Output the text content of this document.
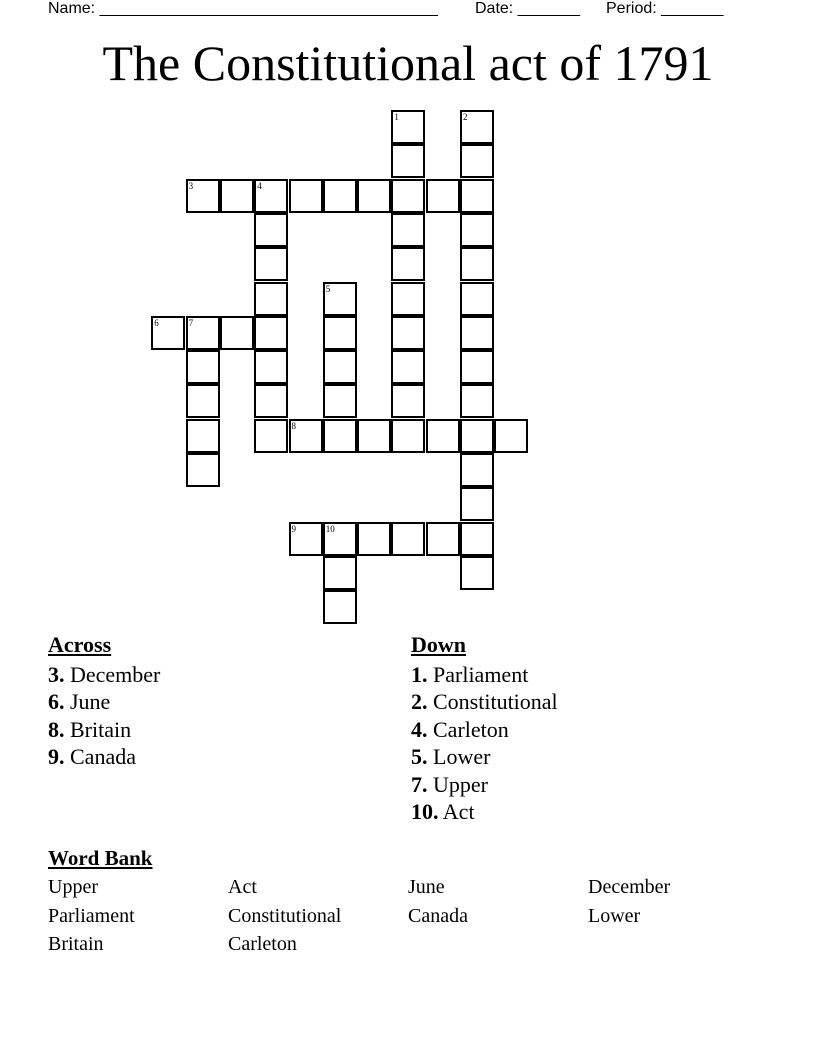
Name: ______________________________________ Date: _______ Period: _______
The Constitutional act of 1791
1	2
3	4
5
6	7
8
9	10
Across
3. December
6. June
8. Britain
9. Canada
Down
1. Parliament
2. Constitutional
4. Carleton
5. Lower
7. Upper
10. Act
Word Bank
Upper	Act	June	December
Parliament	Constitutional	Canada	Lower
Britain	Carleton
